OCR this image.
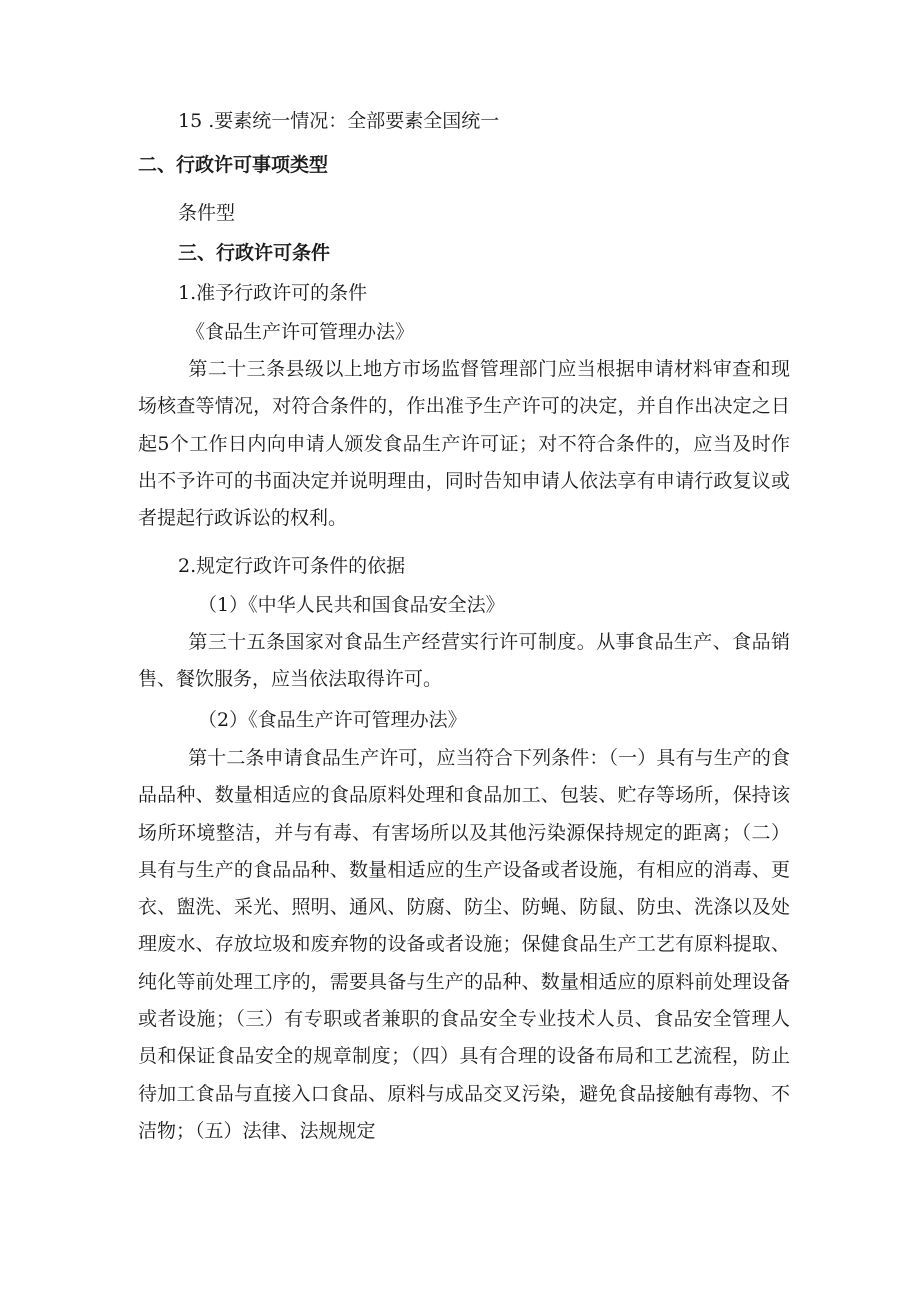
15 .要素统一情况：全部要素全国统一
二、行政许可事项类型
条件型
三、行政许可条件
1.准予行政许可的条件
《食品生产许可管理办法》
第二十三条县级以上地方市场监督管理部门应当根据申请材料审查和现场核查等情况，对符合条件的，作出准予生产许可的决定，并自作出决定之日起5个工作日内向申请人颁发食品生产许可证；对不符合条件的，应当及时作出不予许可的书面决定并说明理由，同时告知申请人依法享有申请行政复议或者提起行政诉讼的权利。
2.规定行政许可条件的依据
（1）《中华人民共和国食品安全法》
第三十五条国家对食品生产经营实行许可制度。从事食品生产、食品销售、餐饮服务，应当依法取得许可。
（2）《食品生产许可管理办法》
第十二条申请食品生产许可，应当符合下列条件：（一）具有与生产的食品品种、数量相适应的食品原料处理和食品加工、包装、贮存等场所，保持该场所环境整洁，并与有毒、有害场所以及其他污染源保持规定的距离；（二）具有与生产的食品品种、数量相适应的生产设备或者设施，有相应的消毒、更衣、盥洗、采光、照明、通风、防腐、防尘、防蝇、防鼠、防虫、洗涤以及处理废水、存放垃圾和废弃物的设备或者设施；保健食品生产工艺有原料提取、纯化等前处理工序的，需要具备与生产的品种、数量相适应的原料前处理设备或者设施；（三）有专职或者兼职的食品安全专业技术人员、食品安全管理人员和保证食品安全的规章制度；（四）具有合理的设备布局和工艺流程，防止待加工食品与直接入口食品、原料与成品交叉污染，避免食品接触有毒物、不洁物；（五）法律、法规规定
